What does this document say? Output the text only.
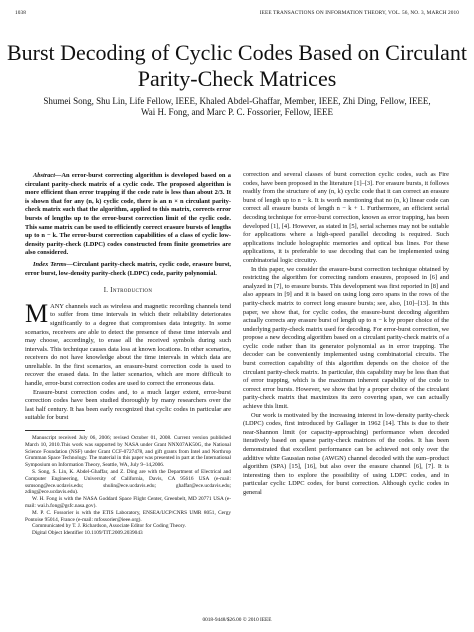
1038	IEEE TRANSACTIONS ON INFORMATION THEORY, VOL. 56, NO. 3, MARCH 2010
Burst Decoding of Cyclic Codes Based on Circulant Parity-Check Matrices
Shumei Song, Shu Lin, Life Fellow, IEEE, Khaled Abdel-Ghaffar, Member, IEEE, Zhi Ding, Fellow, IEEE,
Wai H. Fong, and Marc P. C. Fossorier, Fellow, IEEE

Abstract—An error-burst correcting algorithm is developed based on a circulant parity-check matrix of a cyclic code. The proposed algorithm is more efficient than error trapping if the code rate is less than about 2/3. It is shown that for any (n, k) cyclic code, there is an n × n circulant parity-check matrix such that the algorithm, applied to this matrix, corrects error bursts of lengths up to the error-burst correction limit of the cyclic code. This same matrix can be used to efficiently correct erasure bursts of lengths up to n − k. The error-burst correction capabilities of a class of cyclic low-density parity-check (LDPC) codes constructed from finite geometries are also considered.

Index Terms—Circulant parity-check matrix, cyclic code, erasure burst, error burst, low-density parity-check (LDPC) code, parity polynomial.

I. Introduction

MANY channels such as wireless and magnetic recording channels tend to suffer from time intervals in which their reliability deteriorates significantly to a degree that compromises data integrity. In some scenarios, receivers are able to detect the presence of these time intervals and may choose, accordingly, to erase all the received symbols during such intervals. This technique causes data loss at known locations. In other scenarios, receivers do not have knowledge about the time intervals in which data are unreliable. In the first scenarios, an erasure-burst correction code is used to recover the erased data. In the latter scenarios, which are more difficult to handle, error-burst correction codes are used to correct the erroneous data.

Erasure-burst correction codes and, to a much larger extent, error-burst correction codes have been studied thoroughly by many researchers over the last half century. It has been early recognized that cyclic codes in particular are suitable for burst

Manuscript received July 06, 2006; revised October 01, 2008. Current version published March 10, 2010.This work was supported by NASA under Grant NNX07AK50G, the National Science Foundation (NSF) under Grant CCF-0727478, and gift grants from Intel and Northrop Grumman Space Technology. The material in this paper was presented in part at the International Symposium on Information Theory, Seattle, WA, July 9–14,2006.

S. Song, S. Lin, K. Abdel-Ghaffar, and Z. Ding are with the Department of Electrical and Computer Engineering, University of California, Davis, CA 95616 USA (e-mail: ssmsong@ece.ucdavis.edu; shulin@ece.ucdavis.edu; ghaffar@ece.ucdavis.edu; zding@ece.ucdavis.edu).

W. H. Fong is with the NASA Goddard Space Flight Center, Greenbelt, MD 20771 USA (e-mail: wai.h.fong@gsfc.nasa.gov).

M. P. C. Fossorier is with the ETIS Laboratory, ENSEA/UCP/CNRS UMR 8051, Cergy Pontoise 95014, France (e-mail: mfossorier@ieee.org).

Communicated by T. J. Richardson, Associate Editor for Coding Theory.

Digital Object Identifier 10.1109/TIT.2009.2039043

correction and several classes of burst correction cyclic codes, such as Fire codes, have been proposed in the literature [1]–[3]. For erasure bursts, it follows readily from the structure of any (n, k) cyclic code that it can correct an erasure burst of length up to n − k. It is worth mentioning that no (n, k) linear code can correct all erasure bursts of length n − k + 1. Furthermore, an efficient serial decoding technique for error-burst correction, known as error trapping, has been developed [1], [4]. However, as stated in [5], serial schemes may not be suitable for applications where a high-speed parallel decoding is required. Such applications include holographic memories and optical bus lines. For these applications, it is preferable to use decoding that can be implemented using combinatorial logic circuitry.

In this paper, we consider the erasure-burst correction technique obtained by restricting the algorithm for correcting random erasures, proposed in [6] and analyzed in [7], to erasure bursts. This development was first reported in [8] and also appears in [9] and it is based on using long zero spans in the rows of the parity-check matrix to correct long erasure bursts; see, also, [10]–[13]. In this paper, we show that, for cyclic codes, the erasure-burst decoding algorithm actually corrects any erasure burst of length up to n − k by proper choice of the underlying parity-check matrix used for decoding. For error-burst correction, we propose a new decoding algorithm based on a circulant parity-check matrix of a cyclic code rather than its generator polynomial as in error trapping. The decoder can be conveniently implemented using combinatorial circuits. The burst correction capability of this algorithm depends on the choice of the circulant parity-check matrix. In particular, this capability may be less than that of error trapping, which is the maximum inherent capability of the code to correct error bursts. However, we show that by a proper choice of the circulant parity-check matrix that maximizes its zero covering span, we can actually achieve this limit.

Our work is motivated by the increasing interest in low-density parity-check (LDPC) codes, first introduced by Gallager in 1962 [14]. This is due to their near-Shannon limit (or capacity-approaching) performance when decoded iteratively based on sparse parity-check matrices of the codes. It has been demonstrated that excellent performance can be achieved not only over the additive white Gaussian noise (AWGN) channel decoded with the sum–product algorithm (SPA) [15], [16], but also over the erasure channel [6], [7]. It is interesting then to explore the possibility of using LDPC codes, and in particular cyclic LDPC codes, for burst correction. Although cyclic codes in general

0018-9448/$26.00 © 2010 IEEE
